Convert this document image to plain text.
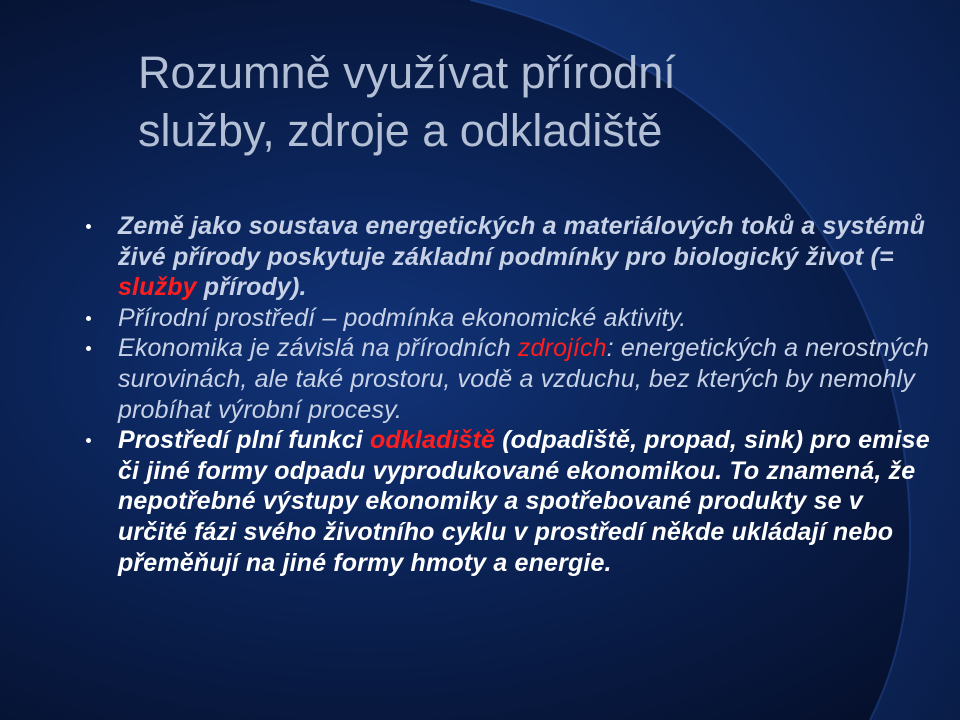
Rozumně využívat přírodní
služby, zdroje a odkladiště
Země jako soustava energetických a materiálových toků a systémů živé přírody poskytuje základní podmínky pro biologický život (= služby přírody).
Přírodní prostředí – podmínka ekonomické aktivity.
Ekonomika je závislá na přírodních zdrojích: energetických a nerostných surovinách, ale také prostoru, vodě a vzduchu, bez kterých by nemohly probíhat výrobní procesy.
Prostředí plní funkci odkladiště (odpadiště, propad, sink) pro emise či jiné formy odpadu vyprodukované ekonomikou. To znamená, že nepotřebné výstupy ekonomiky a spotřebované produkty se v určité fázi svého životního cyklu v prostředí někde ukládají nebo přeměňují na jiné formy hmoty a energie.
